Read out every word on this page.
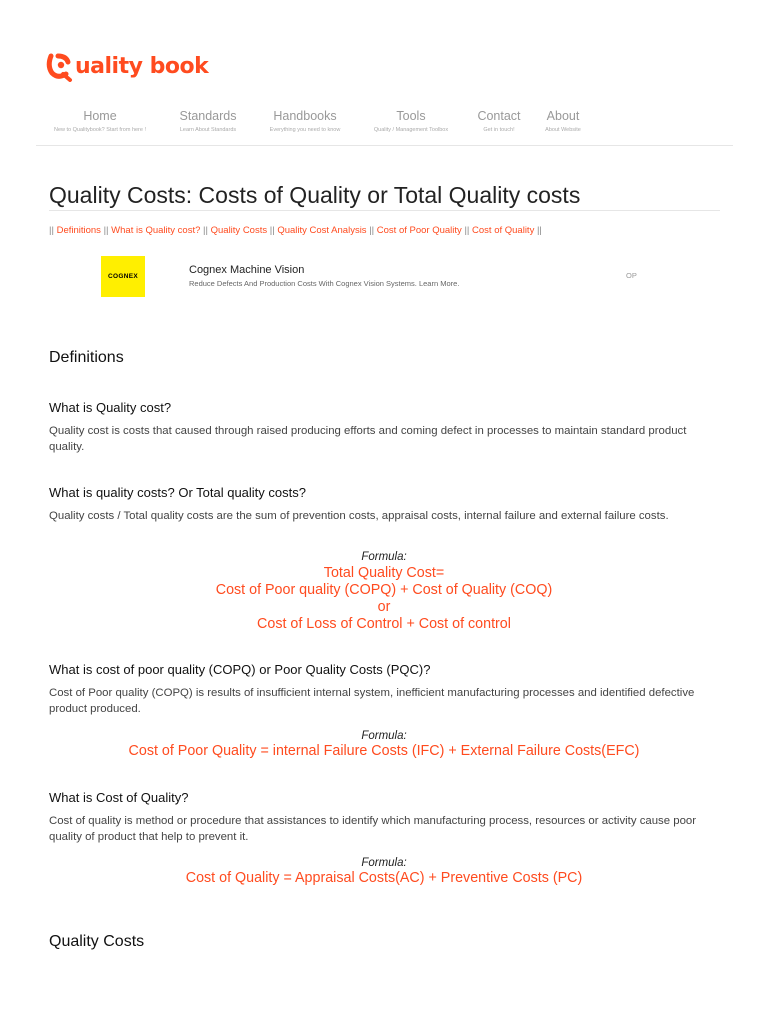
uality book
Home
New to Qualitybook? Start from here !
Standards
Learn About Standards
Handbooks
Everything you need to know
Tools
Quality / Management Toolbox
Contact
Get in touch!
About
About Website
Quality Costs: Costs of Quality or Total Quality costs
|| Definitions || What is Quality cost? || Quality Costs || Quality Cost Analysis || Cost of Poor Quality || Cost of Quality ||
COGNEX
Cognex Machine Vision
Reduce Defects And Production Costs With Cognex Vision Systems. Learn More.
OP
Definitions
What is Quality cost?

Quality cost is costs that caused through raised producing efforts and coming defect in processes to maintain standard product quality.

What is quality costs? Or Total quality costs?

Quality costs / Total quality costs are the sum of prevention costs, appraisal costs, internal failure and external failure costs.

Formula:
Total Quality Cost=
Cost of Poor quality (COPQ) + Cost of Quality (COQ)
or
Cost of Loss of Control + Cost of control
What is cost of poor quality (COPQ) or Poor Quality Costs (PQC)?

Cost of Poor quality (COPQ) is results of insufficient internal system, inefficient manufacturing processes and identified defective product produced.

Formula:
Cost of Poor Quality = internal Failure Costs (IFC) + External Failure Costs(EFC)
What is Cost of Quality?

Cost of quality is method or procedure that assistances to identify which manufacturing process, resources or activity cause poor quality of product that help to prevent it.

Formula:
Cost of Quality = Appraisal Costs(AC) + Preventive Costs (PC)
Quality Costs
